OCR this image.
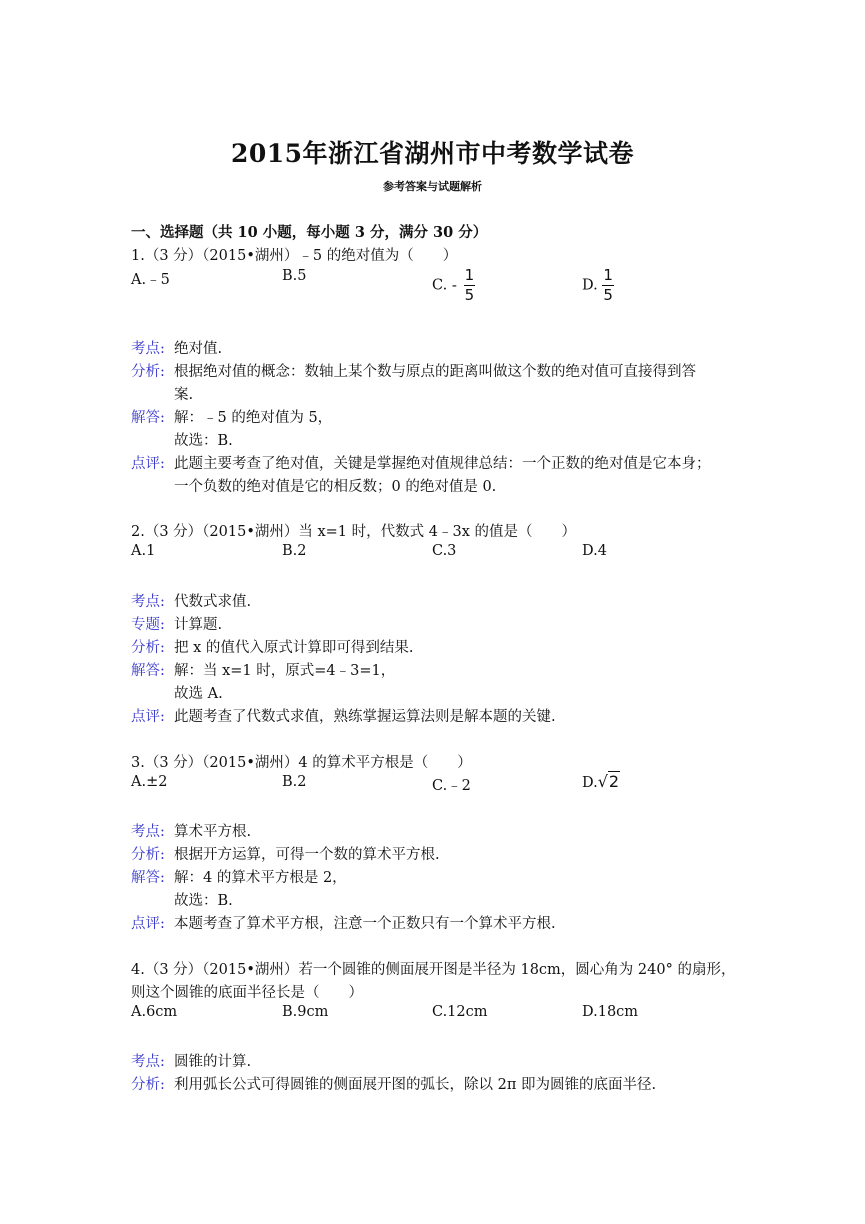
2015年浙江省湖州市中考数学试卷
参考答案与试题解析
一、选择题（共 10 小题，每小题 3 分，满分 30 分）
1.（3 分）（2015•湖州）﹣5 的绝对值为（　　）
A.﹣5	B.5
C. - $\frac{1}{5}$	D. $\frac{1}{5}$
考点: 绝对值.
分析: 根据绝对值的概念：数轴上某个数与原点的距离叫做这个数的绝对值可直接得到答
案.
解答: 解：﹣5 的绝对值为 5，
故选：B.
点评: 此题主要考查了绝对值，关键是掌握绝对值规律总结：一个正数的绝对值是它本身；
一个负数的绝对值是它的相反数；0 的绝对值是 0.
2.（3 分）（2015•湖州）当 x=1 时，代数式 4﹣3x 的值是（　　）
A.1	B.2	C.3	D.4
考点: 代数式求值.
专题: 计算题.
分析: 把 x 的值代入原式计算即可得到结果.
解答: 解：当 x=1 时，原式=4﹣3=1，
故选 A.
点评: 此题考查了代数式求值，熟练掌握运算法则是解本题的关键.
3.（3 分）（2015•湖州）4 的算术平方根是（　　）
A.±2	B.2	C.﹣2	D.√2
考点: 算术平方根.
分析: 根据开方运算，可得一个数的算术平方根.
解答: 解：4 的算术平方根是 2，
故选：B.
点评: 本题考查了算术平方根，注意一个正数只有一个算术平方根.
4.（3 分）（2015•湖州）若一个圆锥的侧面展开图是半径为 18cm，圆心角为 240° 的扇形，
则这个圆锥的底面半径长是（　　）
A.6cm	B.9cm	C.12cm	D.18cm
考点: 圆锥的计算.
分析: 利用弧长公式可得圆锥的侧面展开图的弧长，除以 2π 即为圆锥的底面半径.
